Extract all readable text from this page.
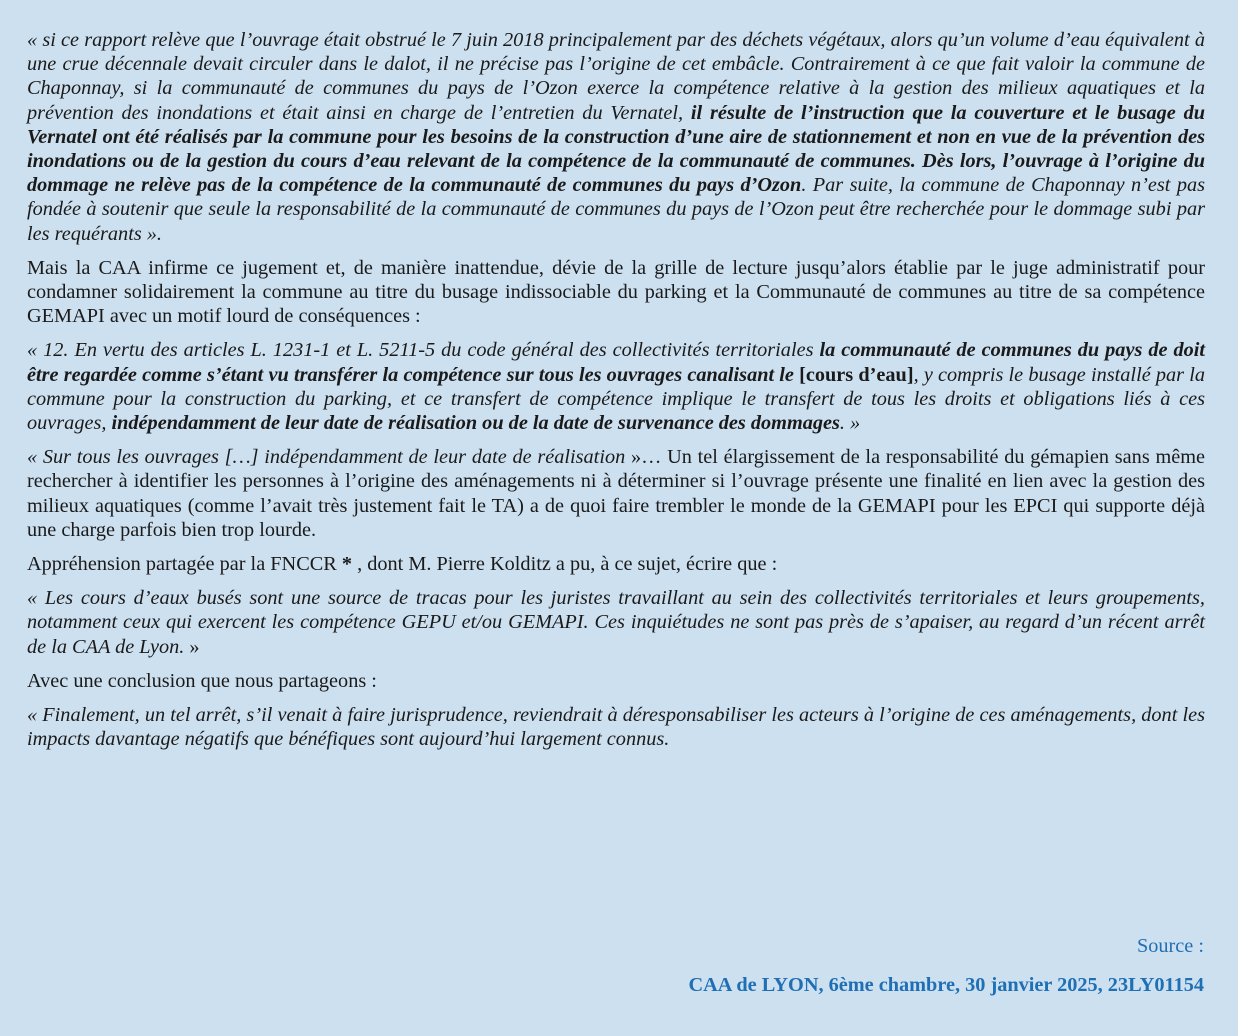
« si ce rapport relève que l’ouvrage était obstrué le 7 juin 2018 principalement par des déchets végétaux, alors qu’un volume d’eau équivalent à une crue décennale devait circuler dans le dalot, il ne précise pas l’origine de cet embâcle. Contrairement à ce que fait valoir la commune de Chaponnay, si la communauté de communes du pays de l’Ozon exerce la compétence relative à la gestion des milieux aquatiques et la prévention des inondations et était ainsi en charge de l’entretien du Vernatel, il résulte de l’instruction que la couverture et le busage du Vernatel ont été réalisés par la commune pour les besoins de la construction d’une aire de stationnement et non en vue de la prévention des inondations ou de la gestion du cours d’eau relevant de la compétence de la communauté de communes. Dès lors, l’ouvrage à l’origine du dommage ne relève pas de la compétence de la communauté de communes du pays d’Ozon. Par suite, la commune de Chaponnay n’est pas fondée à soutenir que seule la responsabilité de la communauté de communes du pays de l’Ozon peut être recherchée pour le dommage subi par les requérants ».

Mais la CAA infirme ce jugement et, de manière inattendue, dévie de la grille de lecture jusqu’alors établie par le juge administratif pour condamner solidairement la commune au titre du busage indissociable du parking et la Communauté de communes au titre de sa compétence GEMAPI avec un motif lourd de conséquences :

« 12. En vertu des articles L. 1231-1 et L. 5211-5 du code général des collectivités territoriales la communauté de communes du pays de doit être regardée comme s’étant vu transférer la compétence sur tous les ouvrages canalisant le [cours d’eau], y compris le busage installé par la commune pour la construction du parking, et ce transfert de compétence implique le transfert de tous les droits et obligations liés à ces ouvrages, indépendamment de leur date de réalisation ou de la date de survenance des dommages. »

« Sur tous les ouvrages […] indépendamment de leur date de réalisation »… Un tel élargissement de la responsabilité du gémapien sans même rechercher à identifier les personnes à l’origine des aménagements ni à déterminer si l’ouvrage présente une finalité en lien avec la gestion des milieux aquatiques (comme l’avait très justement fait le TA) a de quoi faire trembler le monde de la GEMAPI pour les EPCI qui supporte déjà une charge parfois bien trop lourde.

Appréhension partagée par la FNCCR * , dont M. Pierre Kolditz a pu, à ce sujet, écrire que :

« Les cours d’eaux busés sont une source de tracas pour les juristes travaillant au sein des collectivités territoriales et leurs groupements, notamment ceux qui exercent les compétence GEPU et/ou GEMAPI. Ces inquiétudes ne sont pas près de s’apaiser, au regard d’un récent arrêt de la CAA de Lyon. »

Avec une conclusion que nous partageons :

« Finalement, un tel arrêt, s’il venait à faire jurisprudence, reviendrait à déresponsabiliser les acteurs à l’origine de ces aménagements, dont les impacts davantage négatifs que bénéfiques sont aujourd’hui largement connus.

Source :
CAA de LYON, 6ème chambre, 30 janvier 2025, 23LY01154
